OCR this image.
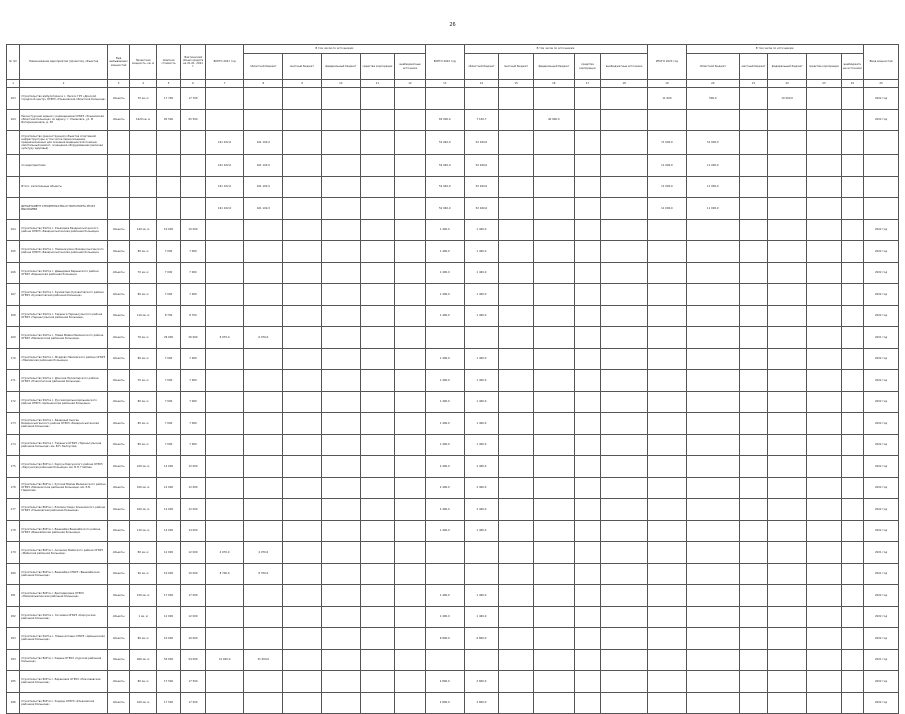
26
№ п/п	Наименование мероприятия (проектов), объектов	Вид выбывающих мощностей	Проектная мощность, кв. м	Сметная стоимость	Фактический объем средств на 01.01. 2021 г.	ВСЕГО 2021 год	В том числе по источникам:					ВСЕГО 2022 год	В том числе по источникам:					ИТОГО 2023 год	В том числе по источникам:					Ввод мощностей
							областной бюджет	местный бюджет	федеральный бюджет	средства корпорации	внебюджетные источники		областной бюджет	местный бюджет	федеральный бюджет	средства корпорации	внебюджетные источники		областной бюджет	местный бюджет	федеральный бюджет	средства корпорации	внебюджетные источники	
1	2	3	4	5	6	7	8	9	10	11	12	13	14	15	16	17	18	19	20	21	22	23	24	25
163	Строительство амбулатории в с. Лесхоз ГУЗ «Донской городской центр» ОГБУЗ «Ульяновская областная больница»	объекты	70 кв. м	17 700	17 700													11 000	500,0		10 500,0			2022 год
164	Реконструкция здания с размещением ОГБУЗ «Ульяновская областная больница» по адресу: г. Ульяновск, ул. III Интернационала, д. 38	объекты	1620 кв. м	65 500	65 500							65 000,0	7 100,7		40 900,0									2022 год
	Строительство (реконструкция) объектов спортивной инфраструктуры, в том числе переоснащение, предназначенных для оказания медицинской помощи, капитальный ремонт, оснащение оборудованием (включая культуру здоровья)					161 102,0	161 102,0					52 040,0	52 040,0					71 000,0	51 000,0					
	по мероприятиям					161 102,0	161 102,0					52 040,0	52 040,0					11 000,0	11 000,0					
	Итого: капитальные объекты					161 102,0	161 102,0					52 040,0	52 040,0					11 000,0	11 000,0					
	ДЕПАРТАМЕНТ СТРОИТЕЛЬСТВА И ТРАНСПОРТА МЗ ИЗ ВЫСОКИМИ					161 102,0	161 102,0					52 040,0	52 040,0					11 000,0	11 000,0					
164	Строительство ФАП в с. Ульяновка Базарносызганского района ОГБУЗ «Базарносызганская районная больница»	объекты	140 кв. м	10 000	10 000							1 400,0	1 400,0											2022 год
165	Строительство ФАП в с. Новоникулино Базарносызганского района ОГБУЗ «Базарносызганская районная больница»	объекты	80 кв. м	7 000	7 000							1 400,0	1 400,0											2022 год
166	Строительство ФАП в с. Давыдовка Барышского района ОГБУЗ «Барышская районная больница»	объекты	70 кв. м	7 000	7 000							1 400,0	1 400,0											2022 год
167	Строительство ФАП в с. Кузоватово Кузоватовского района ОГБУЗ «Кузоватовская районная больница»	объекты	80 кв. м	7 000	7 000							1 400,0	1 400,0											2022 год
168	Строительство ФАП в с. Тереньга Тереньгульского района ОГБУЗ «Тереньгульская районная больница»	объекты	110 кв. м	8 700	8 700							1 400,0	1 400,0											2022 год
169	Строительство ФАП в с. Новая Майна Мелекесского района ОГБУЗ «Мелекесская районная больница»	объекты	76 кв. м	26 000	26 000	6 070,0	6 070,0																	2021 год
170	Строительство ФАП в с. Мордово Павловского района ОГБУЗ «Павловская районная больница»	объекты	80 кв. м	7 000	7 000							1 400,0	1 400,0											2022 год
171	Строительство ФАП в с. Донская Пролетарского района ОГБУЗ «Новоспасская районная больница»	объекты	70 кв. м	7 000	7 000							1 400,0	1 400,0											2022 год
172	Строительство ФАП в с. Русская Цильна Цильнинского района ОГБУЗ «Цильнинская районная больница»	объекты	80 кв. м	7 000	7 000							1 400,0	1 400,0											2022 год
173	Строительство ФАП в с. Базарный Сызган Базарносызганского района ОГБУЗ «Базарносызганская районная больница»	объекты	80 кв. м	7 000	7 000							1 400,0	1 400,0											2022 год
174	Строительство ФАП в с. Тереньга ОГБУЗ «Тереньгульская районная больница» им. В.П. Белоусова	объекты	80 кв. м	7 000	7 000							1 400,0	1 400,0											2022 год
175	Строительство ВОП в с. Карсун Карсунского района ОГБУЗ «Карсунская районная больница» им. В.П. Глебова	объекты	100 кв. м	12 000	12 000							2 400,0	2 400,0											2022 год
176	Строительство ВОП в с. Русская Майна Мелекесского района ОГБУЗ «Мелекесская районная больница» им. Е.В. Гаврилова	объекты	100 кв. м	12 000	12 000							2 400,0	2 400,0											2022 год
177	Строительство ВОП в с. Елховое Озеро Ульяновского района ОГБУЗ «Ульяновская районная больница»	объекты	100 кв. м	12 000	12 000							2 400,0	2 400,0											2022 год
178	Строительство ВОП в с. Вешкайма Вешкаймского района ОГБУЗ «Вешкаймская районная больница»	объекты	110 кв. м	14 000	14 000							1 400,0	1 400,0											2022 год
179	Строительство ВОП в с. Аксаково Майнского района ОГБУЗ «Майнская районная больница»	объекты	80 кв. м	12 000	12 000	4 070,0	4 070,0																	2021 год
180	Строительство ВОП в с. Вешкайма ОГБУЗ «Вешкаймская районная больница»	объекты	90 кв. м	10 000	10 000	8 700,0	8 700,0																	2021 год
181	Строительство ВОП в с. Бригадировка ОГБУЗ «Новомалыклинская районная больница»	объекты	150 кв. м	17 000	17 000							1 400,0	1 400,0											2022 год
182	Строительство ФАП в с. Сосновка ОГБУЗ «Карсунская районная больница»	объекты	1 кв. м	12 000	12 000							1 400,0	1 400,0											2022 год
183	Строительство ФАП в с. Новые Алгаши ОГБУЗ «Цильнинская районная больница»	объекты	80 кв. м	10 000	10 000							6 800,0	6 800,0											2022 год
184	Строительство ВОП в с. Кадыш ОГБУЗ «Сурская районная больница»	объекты	400 кв. м	54 000	54 000	31 000,0	31 000,0																	2021 год
185	Строительство ВОП в с. Барановка ОГБУЗ «Николаевская районная больница»	объекты	80 кв. м	17 500	17 500							2 800,0	2 800,0											2022 год
186	Строительство ВОП в с. Ундоры ОГБУЗ «Ульяновская районная больница»	объекты	100 кв. м	17 500	17 500							2 800,0	2 800,0											2022 год
